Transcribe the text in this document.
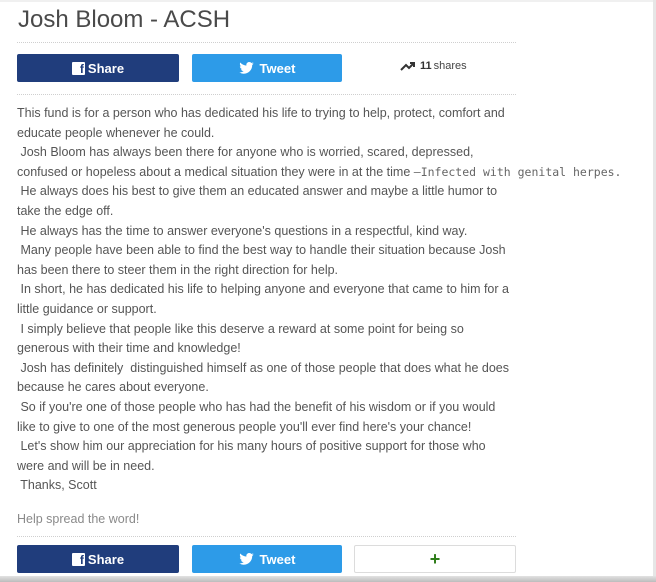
Josh Bloom - ACSH
f Share	Tweet	11 shares

This fund is for a person who has dedicated his life to trying to help, protect, comfort and

educate people whenever he could.

Josh Bloom has always been there for anyone who is worried, scared, depressed,

confused or hopeless about a medical situation they were in at the time —Infected with genital herpes.

He always does his best to give them an educated answer and maybe a little humor to

take the edge off.

He always has the time to answer everyone's questions in a respectful, kind way.

Many people have been able to find the best way to handle their situation because Josh

has been there to steer them in the right direction for help.

In short, he has dedicated his life to helping anyone and everyone that came to him for a

little guidance or support.

I simply believe that people like this deserve a reward at some point for being so

generous with their time and knowledge!

Josh has definitely  distinguished himself as one of those people that does what he does

because he cares about everyone.

So if you're one of those people who has had the benefit of his wisdom or if you would

like to give to one of the most generous people you'll ever find here's your chance!

Let's show him our appreciation for his many hours of positive support for those who

were and will be in need.

Thanks, Scott

Help spread the word!
f Share	Tweet	+
